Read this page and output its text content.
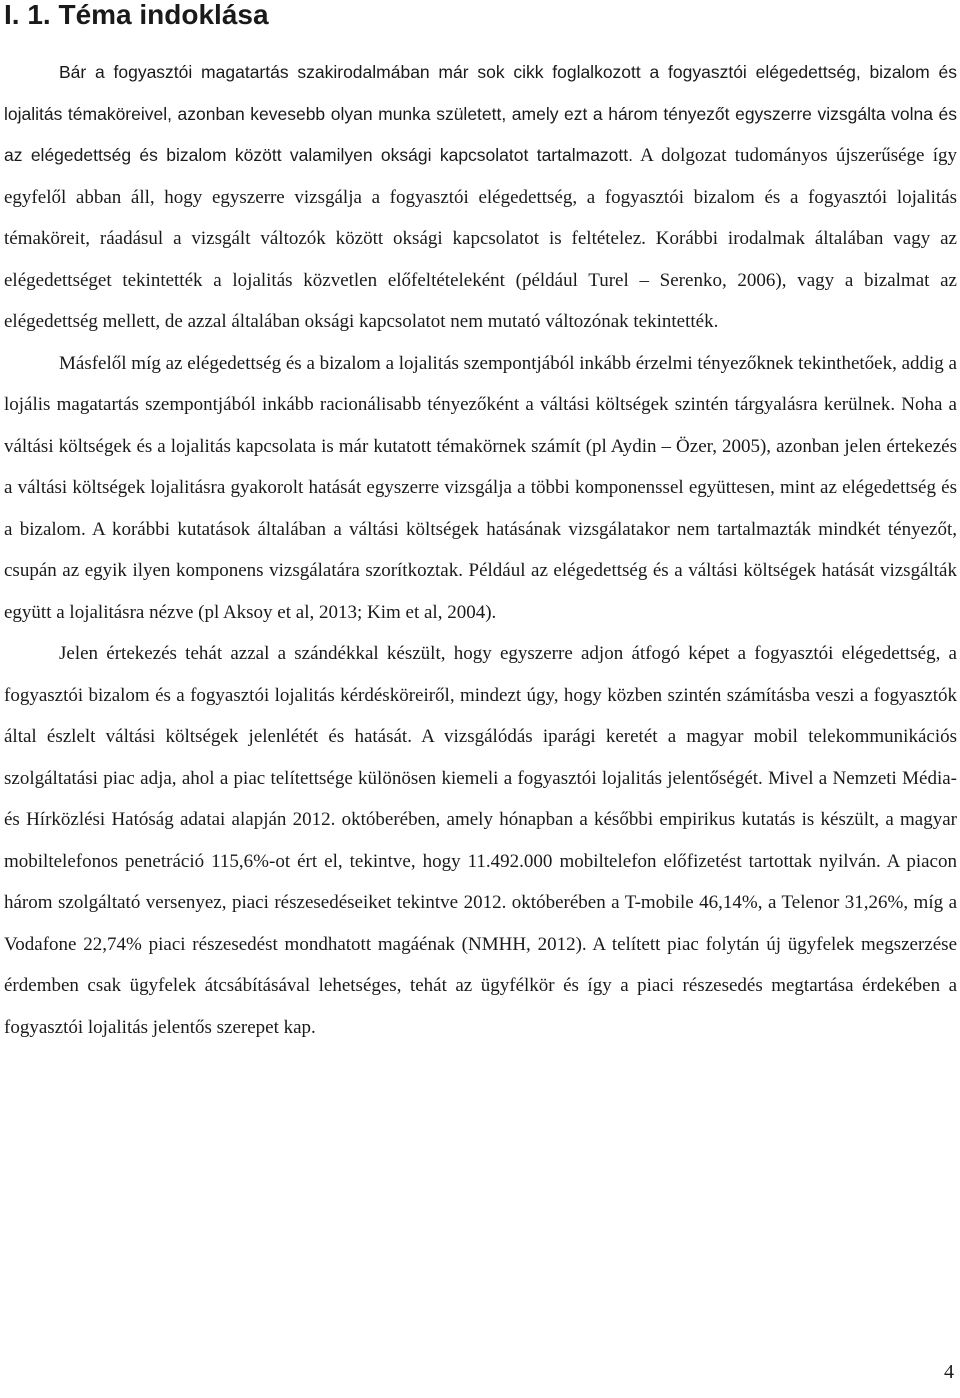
I. 1. Téma indoklása

Bár a fogyasztói magatartás szakirodalmában már sok cikk foglalkozott a fogyasztói elégedettség, bizalom és lojalitás témaköreivel, azonban kevesebb olyan munka született, amely ezt a három tényezőt egyszerre vizsgálta volna és az elégedettség és bizalom között valamilyen oksági kapcsolatot tartalmazott. A dolgozat tudományos újszerűsége így egyfelől abban áll, hogy egyszerre vizsgálja a fogyasztói elégedettség, a fogyasztói bizalom és a fogyasztói lojalitás témaköreit, ráadásul a vizsgált változók között oksági kapcsolatot is feltételez. Korábbi irodalmak általában vagy az elégedettséget tekintették a lojalitás közvetlen előfeltételeként (például Turel – Serenko, 2006), vagy a bizalmat az elégedettség mellett, de azzal általában oksági kapcsolatot nem mutató változónak tekintették.

Másfelől míg az elégedettség és a bizalom a lojalitás szempontjából inkább érzelmi tényezőknek tekinthetőek, addig a lojális magatartás szempontjából inkább racionálisabb tényezőként a váltási költségek szintén tárgyalásra kerülnek. Noha a váltási költségek és a lojalitás kapcsolata is már kutatott témakörnek számít (pl Aydin – Özer, 2005), azonban jelen értekezés a váltási költségek lojalitásra gyakorolt hatását egyszerre vizsgálja a többi komponenssel együttesen, mint az elégedettség és a bizalom. A korábbi kutatások általában a váltási költségek hatásának vizsgálatakor nem tartalmazták mindkét tényezőt, csupán az egyik ilyen komponens vizsgálatára szorítkoztak. Például az elégedettség és a váltási költségek hatását vizsgálták együtt a lojalitásra nézve (pl Aksoy et al, 2013; Kim et al, 2004).

Jelen értekezés tehát azzal a szándékkal készült, hogy egyszerre adjon átfogó képet a fogyasztói elégedettség, a fogyasztói bizalom és a fogyasztói lojalitás kérdésköreiről, mindezt úgy, hogy közben szintén számításba veszi a fogyasztók által észlelt váltási költségek jelenlétét és hatását. A vizsgálódás iparági keretét a magyar mobil telekommunikációs szolgáltatási piac adja, ahol a piac telítettsége különösen kiemeli a fogyasztói lojalitás jelentőségét. Mivel a Nemzeti Média- és Hírközlési Hatóság adatai alapján 2012. októberében, amely hónapban a későbbi empirikus kutatás is készült, a magyar mobiltelefonos penetráció 115,6%-ot ért el, tekintve, hogy 11.492.000 mobiltelefon előfizetést tartottak nyilván. A piacon három szolgáltató versenyez, piaci részesedéseiket tekintve 2012. októberében a T-mobile 46,14%, a Telenor 31,26%, míg a Vodafone 22,74% piaci részesedést mondhatott magáénak (NMHH, 2012). A telített piac folytán új ügyfelek megszerzése érdemben csak ügyfelek átcsábításával lehetséges, tehát az ügyfélkör és így a piaci részesedés megtartása érdekében a fogyasztói lojalitás jelentős szerepet kap.

4
